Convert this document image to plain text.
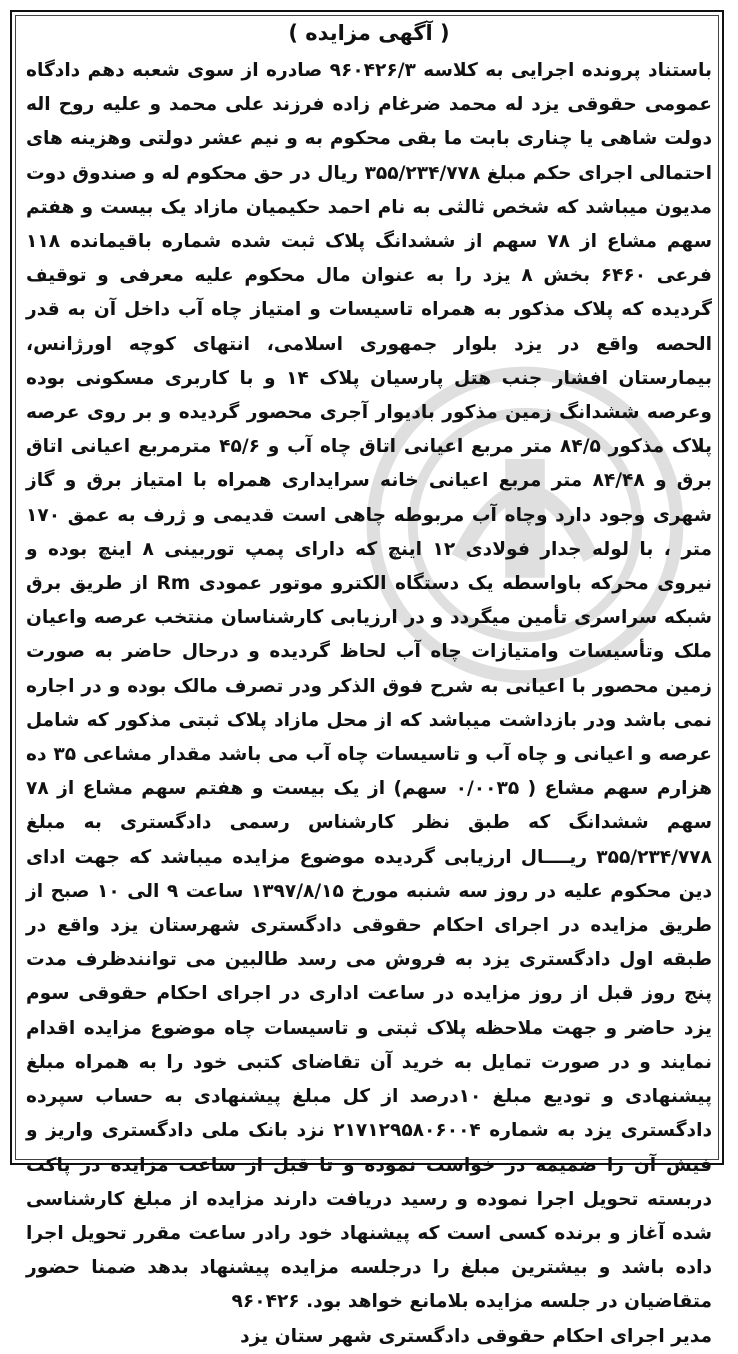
( آگهی مزایده )

باستناد پرونده اجرایی به کلاسه ۹۶۰۴۲۶/۳ صادره از سوی شعبه دهم دادگاه عمومی حقوقی یزد له محمد ضرغام زاده فرزند علی محمد و علیه روح اله دولت شاهی یا چناری بابت ما بقی محکوم به و نیم عشر دولتی وهزینه های احتمالی اجرای حکم مبلغ ۳۵۵/۲۳۴/۷۷۸ ریال در حق محکوم له و صندوق دوت مدیون میباشد که شخص ثالثی به نام احمد حکیمیان مازاد یک بیست و هفتم سهم مشاع از ۷۸ سهم از ششدانگ پلاک ثبت شده شماره باقیمانده ۱۱۸ فرعی ۶۴۶۰ بخش ۸ یزد را به عنوان مال محکوم علیه معرفی و توقیف گردیده که پلاک مذکور به همراه تاسیسات و امتیاز چاه آب داخل آن به قدر الحصه واقع در یزد بلوار جمهوری اسلامی، انتهای کوچه اورژانس، بیمارستان افشار جنب هتل پارسیان پلاک ۱۴ و با کاربری مسکونی بوده وعرصه ششدانگ زمین مذکور بادیوار آجری محصور گردیده و بر روی عرصه پلاک مذکور ۸۴/۵ متر مربع اعیانی اتاق چاه آب و ۴۵/۶ مترمربع اعیانی اتاق برق و ۸۴/۴۸ متر مربع اعیانی خانه سرایداری همراه با امتیاز برق و گاز شهری وجود دارد وچاه آب مربوطه چاهی است قدیمی و ژرف به عمق ۱۷۰ متر ، با لوله جدار فولادی ۱۲ اینچ که دارای پمپ توربینی ۸ اینچ بوده و نیروی محرکه باواسطه یک دستگاه الکترو موتور عمودی Rm از طریق برق شبکه سراسری تأمین میگردد و در ارزیابی کارشناسان منتخب عرصه واعیان ملک وتأسیسات وامتیازات چاه آب لحاظ گردیده و درحال حاضر به صورت زمین محصور با اعیانی به شرح فوق الذکر ودر تصرف مالک بوده و در اجاره نمی باشد ودر بازداشت میباشد که از محل مازاد پلاک ثبتی مذکور که شامل عرصه و اعیانی و چاه آب و تاسیسات چاه آب می باشد مقدار مشاعی ۳۵ ده هزارم سهم مشاع ( ۰/۰۰۳۵ سهم) از یک بیست و هفتم سهم مشاع از ۷۸ سهم ششدانگ که طبق نظر کارشناس رسمی دادگستری به مبلغ ۳۵۵/۲۳۴/۷۷۸ ریــــال ارزیابی گردیده موضوع مزایده میباشد که جهت ادای دین محکوم علیه در روز سه شنبه مورخ ۱۳۹۷/۸/۱۵ ساعت ۹ الی ۱۰ صبح از طریق مزایده در اجرای احکام حقوقی دادگستری شهرستان یزد واقع در طبقه اول دادگستری یزد به فروش می رسد طالبین می توانندظرف مدت پنج روز قبل از روز مزایده در ساعت اداری در اجرای احکام حقوقی سوم یزد حاضر و جهت ملاحظه پلاک ثبتی و تاسیسات چاه موضوع مزایده اقدام نمایند و در صورت تمایل به خرید آن تقاضای کتبی خود را به همراه مبلغ پیشنهادی و تودیع مبلغ ۱۰درصد از کل مبلغ پیشنهادی به حساب سپرده دادگستری یزد به شماره ۲۱۷۱۲۹۵۸۰۶۰۰۴ نزد بانک ملی دادگستری واریز و فیش آن را ضمیمه در خواست نموده و تا قبل از ساعت مزایده در پاکت دربسته تحویل اجرا نموده و رسید دریافت دارند مزایده از مبلغ کارشناسی شده آغاز و برنده کسی است که پیشنهاد خود رادر ساعت مقرر تحویل اجرا داده باشد و بیشترین مبلغ را درجلسه مزایده پیشنهاد بدهد ضمنا حضور متقاضیان در جلسه مزایده بلامانع خواهد بود. ۹۶۰۴۲۶

مدیر اجرای احکام حقوقی دادگستری شهر ستان یزد
